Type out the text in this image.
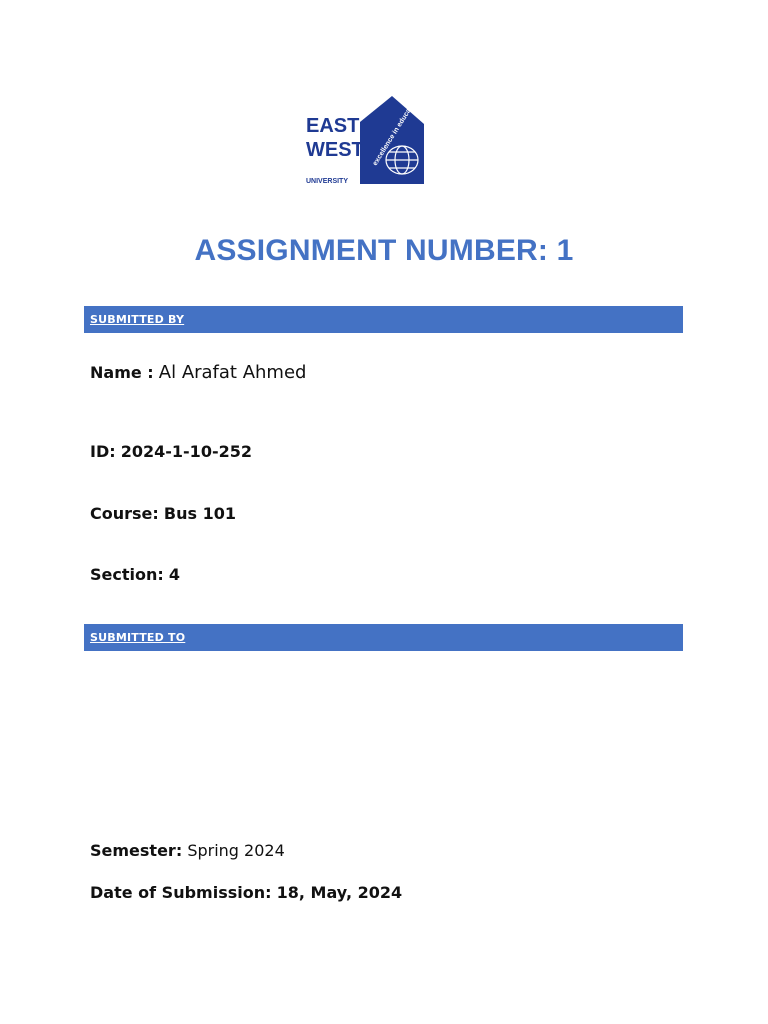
EAST
WEST
UNIVERSITY
excellence in education
ASSIGNMENT NUMBER: 1
SUBMITTED BY
Name : Al Arafat Ahmed
ID: 2024-1-10-252
Course: Bus 101
Section: 4
SUBMITTED TO
Semester: Spring 2024
Date of Submission: 18, May, 2024
